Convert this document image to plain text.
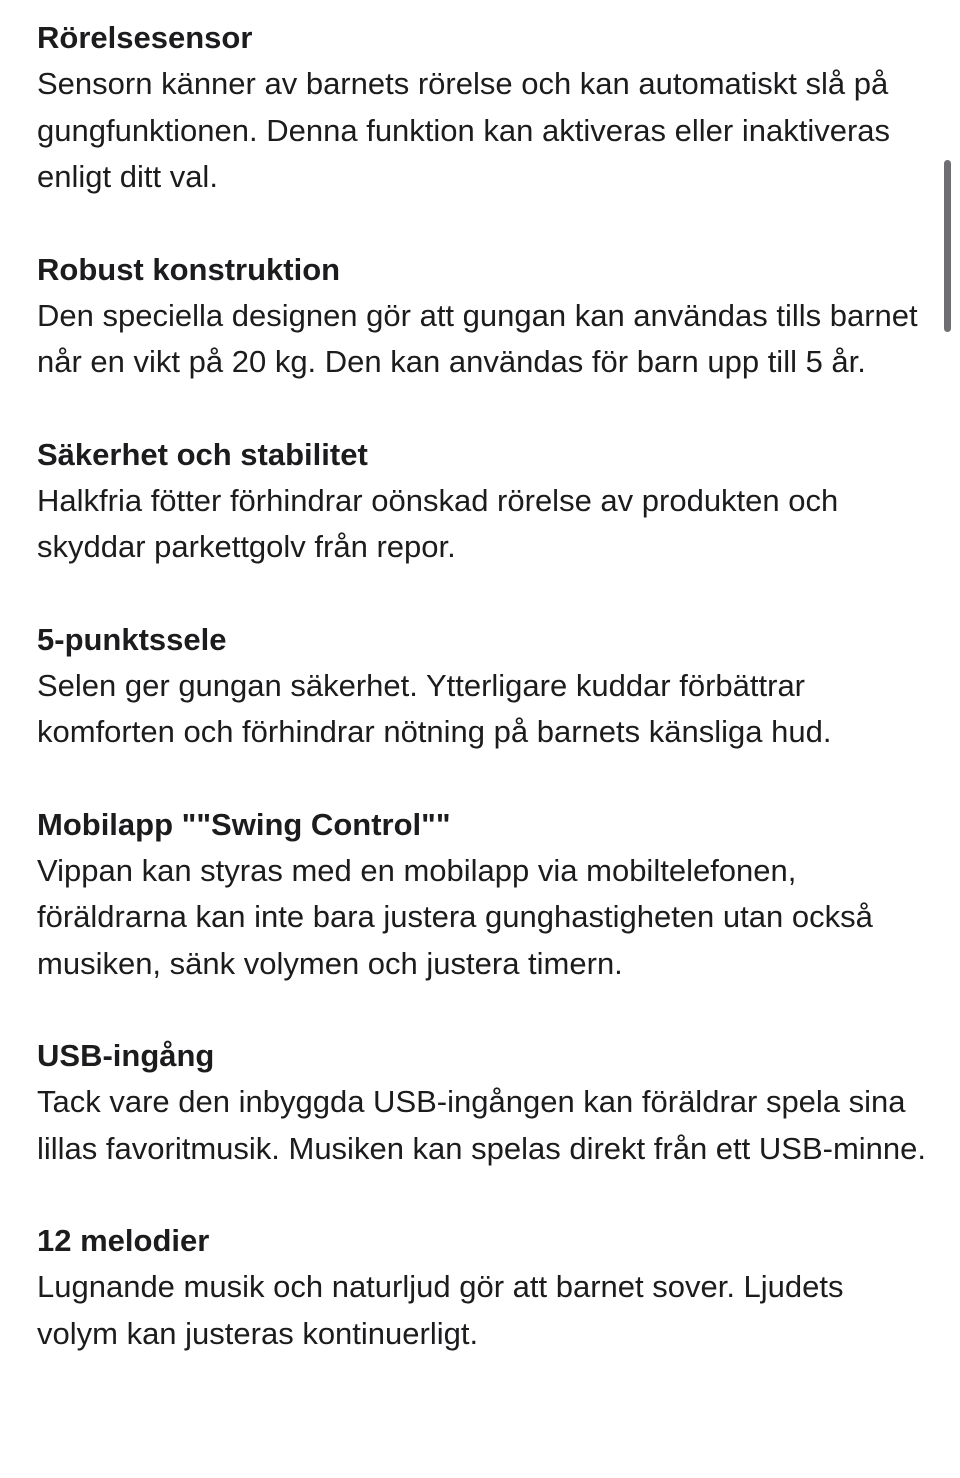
Rörelsesensor

Sensorn känner av barnets rörelse och kan automatiskt slå på gungfunktionen. Denna funktion kan aktiveras eller inaktiveras enligt ditt val.

Robust konstruktion

Den speciella designen gör att gungan kan användas tills barnet når en vikt på 20 kg. Den kan användas för barn upp till 5 år.

Säkerhet och stabilitet

Halkfria fötter förhindrar oönskad rörelse av produkten och skyddar parkettgolv från repor.

5-punktssele

Selen ger gungan säkerhet. Ytterligare kuddar förbättrar komforten och förhindrar nötning på barnets känsliga hud.

Mobilapp ""Swing Control""

Vippan kan styras med en mobilapp via mobiltelefonen, föräldrarna kan inte bara justera gunghastigheten utan också musiken, sänk volymen och justera timern.

USB-ingång

Tack vare den inbyggda USB-ingången kan föräldrar spela sina lillas favoritmusik. Musiken kan spelas direkt från ett USB-minne.

12 melodier

Lugnande musik och naturljud gör att barnet sover. Ljudets volym kan justeras kontinuerligt.
